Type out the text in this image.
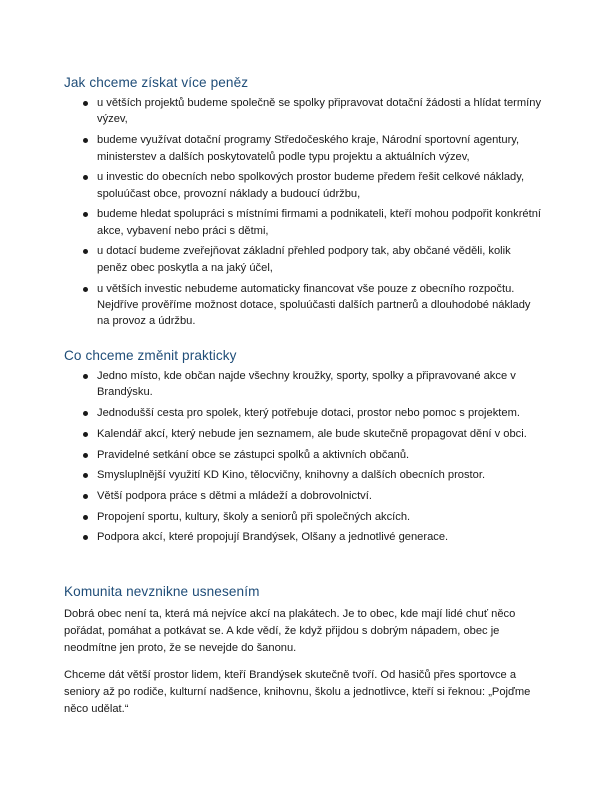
Jak chceme získat více peněz
u větších projektů budeme společně se spolky připravovat dotační žádosti a hlídat termíny výzev,
budeme využívat dotační programy Středočeského kraje, Národní sportovní agentury, ministerstev a dalších poskytovatelů podle typu projektu a aktuálních výzev,
u investic do obecních nebo spolkových prostor budeme předem řešit celkové náklady, spoluúčast obce, provozní náklady a budoucí údržbu,
budeme hledat spolupráci s místními firmami a podnikateli, kteří mohou podpořit konkrétní akce, vybavení nebo práci s dětmi,
u dotací budeme zveřejňovat základní přehled podpory tak, aby občané věděli, kolik peněz obec poskytla a na jaký účel,
u větších investic nebudeme automaticky financovat vše pouze z obecního rozpočtu. Nejdříve prověříme možnost dotace, spoluúčasti dalších partnerů a dlouhodobé náklady na provoz a údržbu.
Co chceme změnit prakticky
Jedno místo, kde občan najde všechny kroužky, sporty, spolky a připravované akce v Brandýsku.
Jednodušší cesta pro spolek, který potřebuje dotaci, prostor nebo pomoc s projektem.
Kalendář akcí, který nebude jen seznamem, ale bude skutečně propagovat dění v obci.
Pravidelné setkání obce se zástupci spolků a aktivních občanů.
Smysluplnější využití KD Kino, tělocvičny, knihovny a dalších obecních prostor.
Větší podpora práce s dětmi a mládeží a dobrovolnictví.
Propojení sportu, kultury, školy a seniorů při společných akcích.
Podpora akcí, které propojují Brandýsek, Olšany a jednotlivé generace.
Komunita nevznikne usnesením

Dobrá obec není ta, která má nejvíce akcí na plakátech. Je to obec, kde mají lidé chuť něco pořádat, pomáhat a potkávat se. A kde vědí, že když přijdou s dobrým nápadem, obec je neodmítne jen proto, že se nevejde do šanonu.

Chceme dát větší prostor lidem, kteří Brandýsek skutečně tvoří. Od hasičů přes sportovce a seniory až po rodiče, kulturní nadšence, knihovnu, školu a jednotlivce, kteří si řeknou: „Pojďme něco udělat.“
